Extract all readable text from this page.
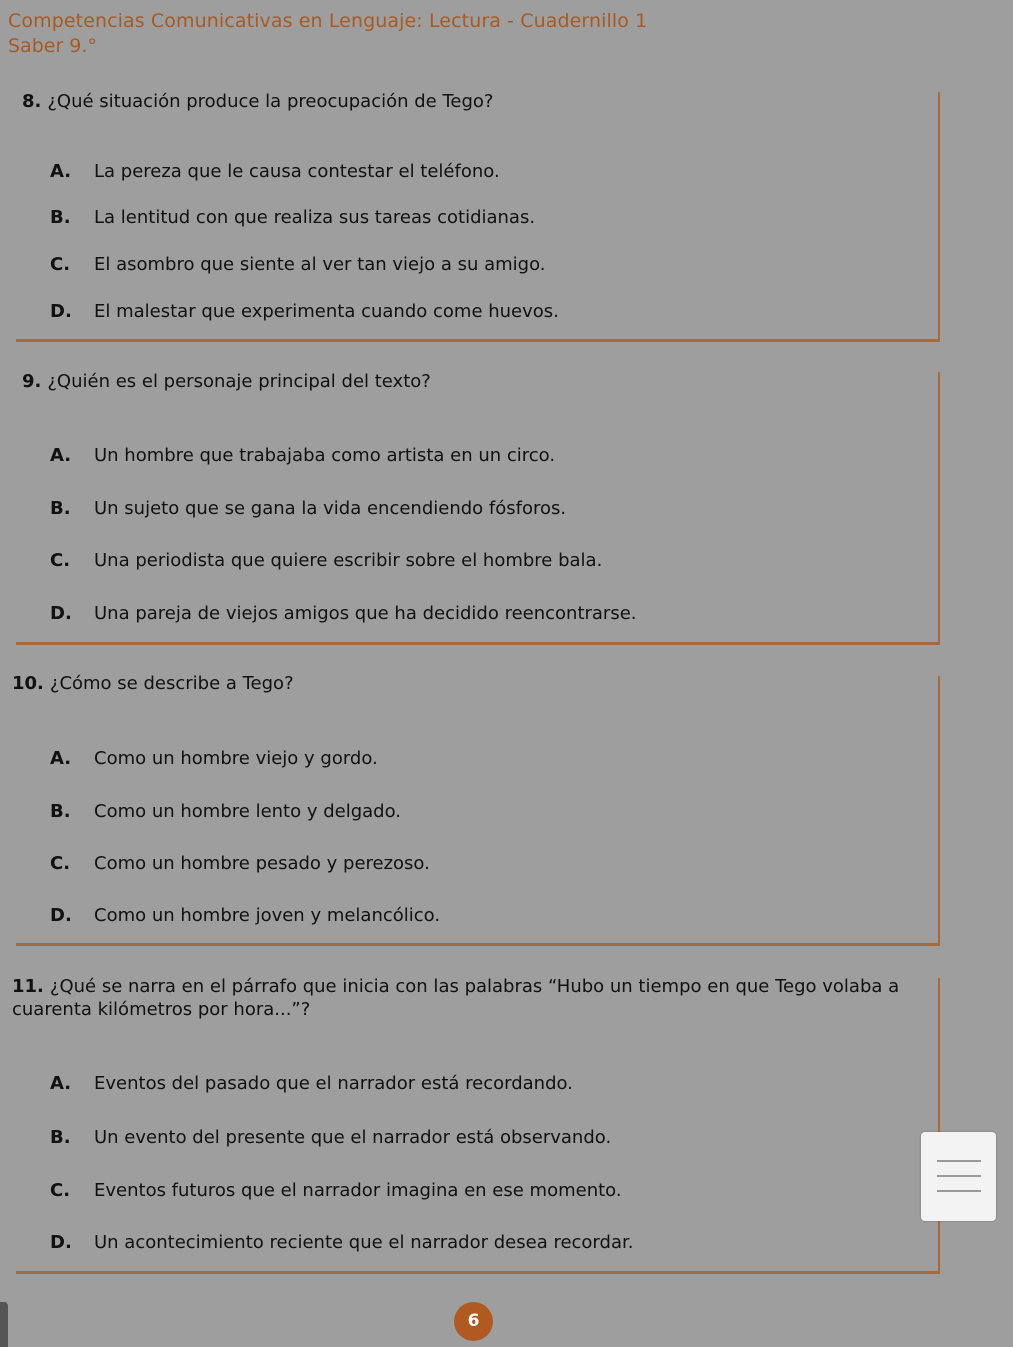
Competencias Comunicativas en Lenguaje: Lectura - Cuadernillo 1
Saber 9.°
8. ¿Qué situación produce la preocupación de Tego?
A. La pereza que le causa contestar el teléfono.
B. La lentitud con que realiza sus tareas cotidianas.
C. El asombro que siente al ver tan viejo a su amigo.
D. El malestar que experimenta cuando come huevos.
9. ¿Quién es el personaje principal del texto?
A. Un hombre que trabajaba como artista en un circo.
B. Un sujeto que se gana la vida encendiendo fósforos.
C. Una periodista que quiere escribir sobre el hombre bala.
D. Una pareja de viejos amigos que ha decidido reencontrarse.
10. ¿Cómo se describe a Tego?
A. Como un hombre viejo y gordo.
B. Como un hombre lento y delgado.
C. Como un hombre pesado y perezoso.
D. Como un hombre joven y melancólico.
11. ¿Qué se narra en el párrafo que inicia con las palabras “Hubo un tiempo en que Tego volaba a cuarenta kilómetros por hora...”?
A. Eventos del pasado que el narrador está recordando.
B. Un evento del presente que el narrador está observando.
C. Eventos futuros que el narrador imagina en ese momento.
D. Un acontecimiento reciente que el narrador desea recordar.
6
